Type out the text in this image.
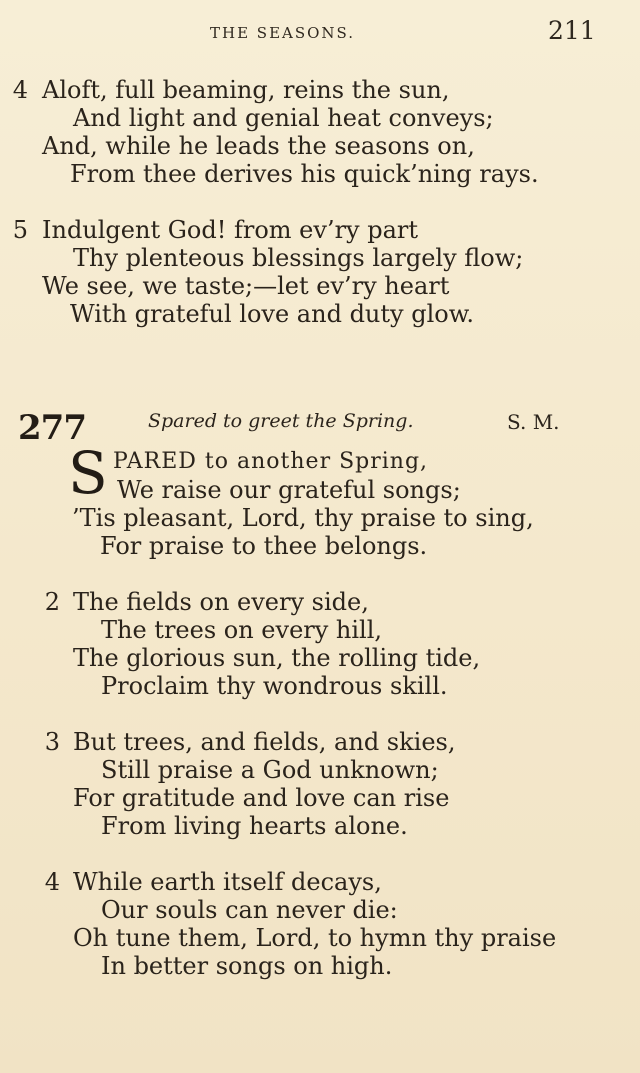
THE SEASONS.	211
4 Aloft, full beaming, reins the sun,
And light and genial heat conveys;
And, while he leads the seasons on,
From thee derives his quick’ning rays.
5 Indulgent God! from ev’ry part
Thy plenteous blessings largely flow;
We see, we taste;—let ev’ry heart
With grateful love and duty glow.
277	Spared to greet the Spring.	S. M.
S PARED to another Spring,
We raise our grateful songs;
’Tis pleasant, Lord, thy praise to sing,
For praise to thee belongs.
2 The fields on every side,
The trees on every hill,
The glorious sun, the rolling tide,
Proclaim thy wondrous skill.
3 But trees, and fields, and skies,
Still praise a God unknown;
For gratitude and love can rise
From living hearts alone.
4 While earth itself decays,
Our souls can never die:
Oh tune them, Lord, to hymn thy praise
In better songs on high.
